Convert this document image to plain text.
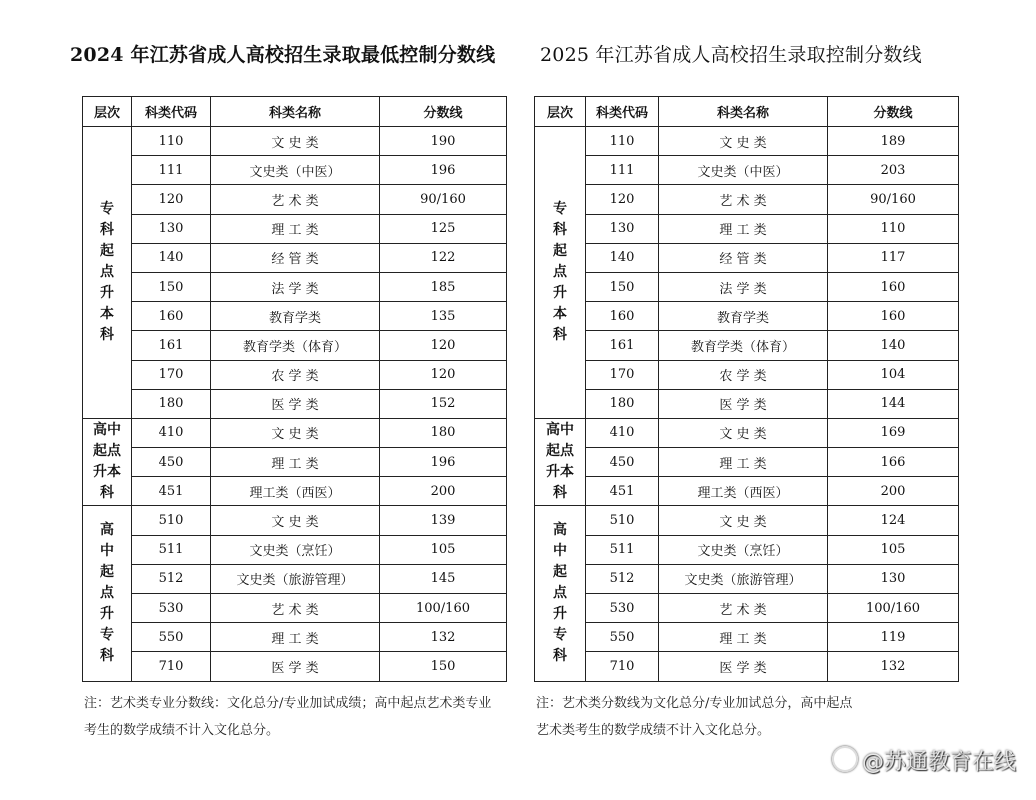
2024 年江苏省成人高校招生录取最低控制分数线 2025 年江苏省成人高校招生录取控制分数线
层次	科类代码	科类名称	分数线
专科起点升本科	110	文 史 类	190
	111	文史类（中医）	196
	120	艺 术 类	90/160
	130	理 工 类	125
	140	经 管 类	122
	150	法 学 类	185
	160	教育学类	135
	161	教育学类（体育）	120
	170	农 学 类	120
	180	医 学 类	152
高中起点升本科	410	文 史 类	180
	450	理 工 类	196
	451	理工类（西医）	200
高中起点升专科	510	文 史 类	139
	511	文史类（烹饪）	105
	512	文史类（旅游管理）	145
	530	艺 术 类	100/160
	550	理 工 类	132
	710	医 学 类	150
层次	科类代码	科类名称	分数线
专科起点升本科	110	文 史 类	189
	111	文史类（中医）	203
	120	艺 术 类	90/160
	130	理 工 类	110
	140	经 管 类	117
	150	法 学 类	160
	160	教育学类	160
	161	教育学类（体育）	140
	170	农 学 类	104
	180	医 学 类	144
高中起点升本科	410	文 史 类	169
	450	理 工 类	166
	451	理工类（西医）	200
高中起点升专科	510	文 史 类	124
	511	文史类（烹饪）	105
	512	文史类（旅游管理）	130
	530	艺 术 类	100/160
	550	理 工 类	119
	710	医 学 类	132
注：艺术类专业分数线：文化总分/专业加试成绩；高中起点艺术类专业考生的数学成绩不计入文化总分。
注：艺术类分数线为文化总分/专业加试总分，高中起点
艺术类考生的数学成绩不计入文化总分。
@苏通教育在线
